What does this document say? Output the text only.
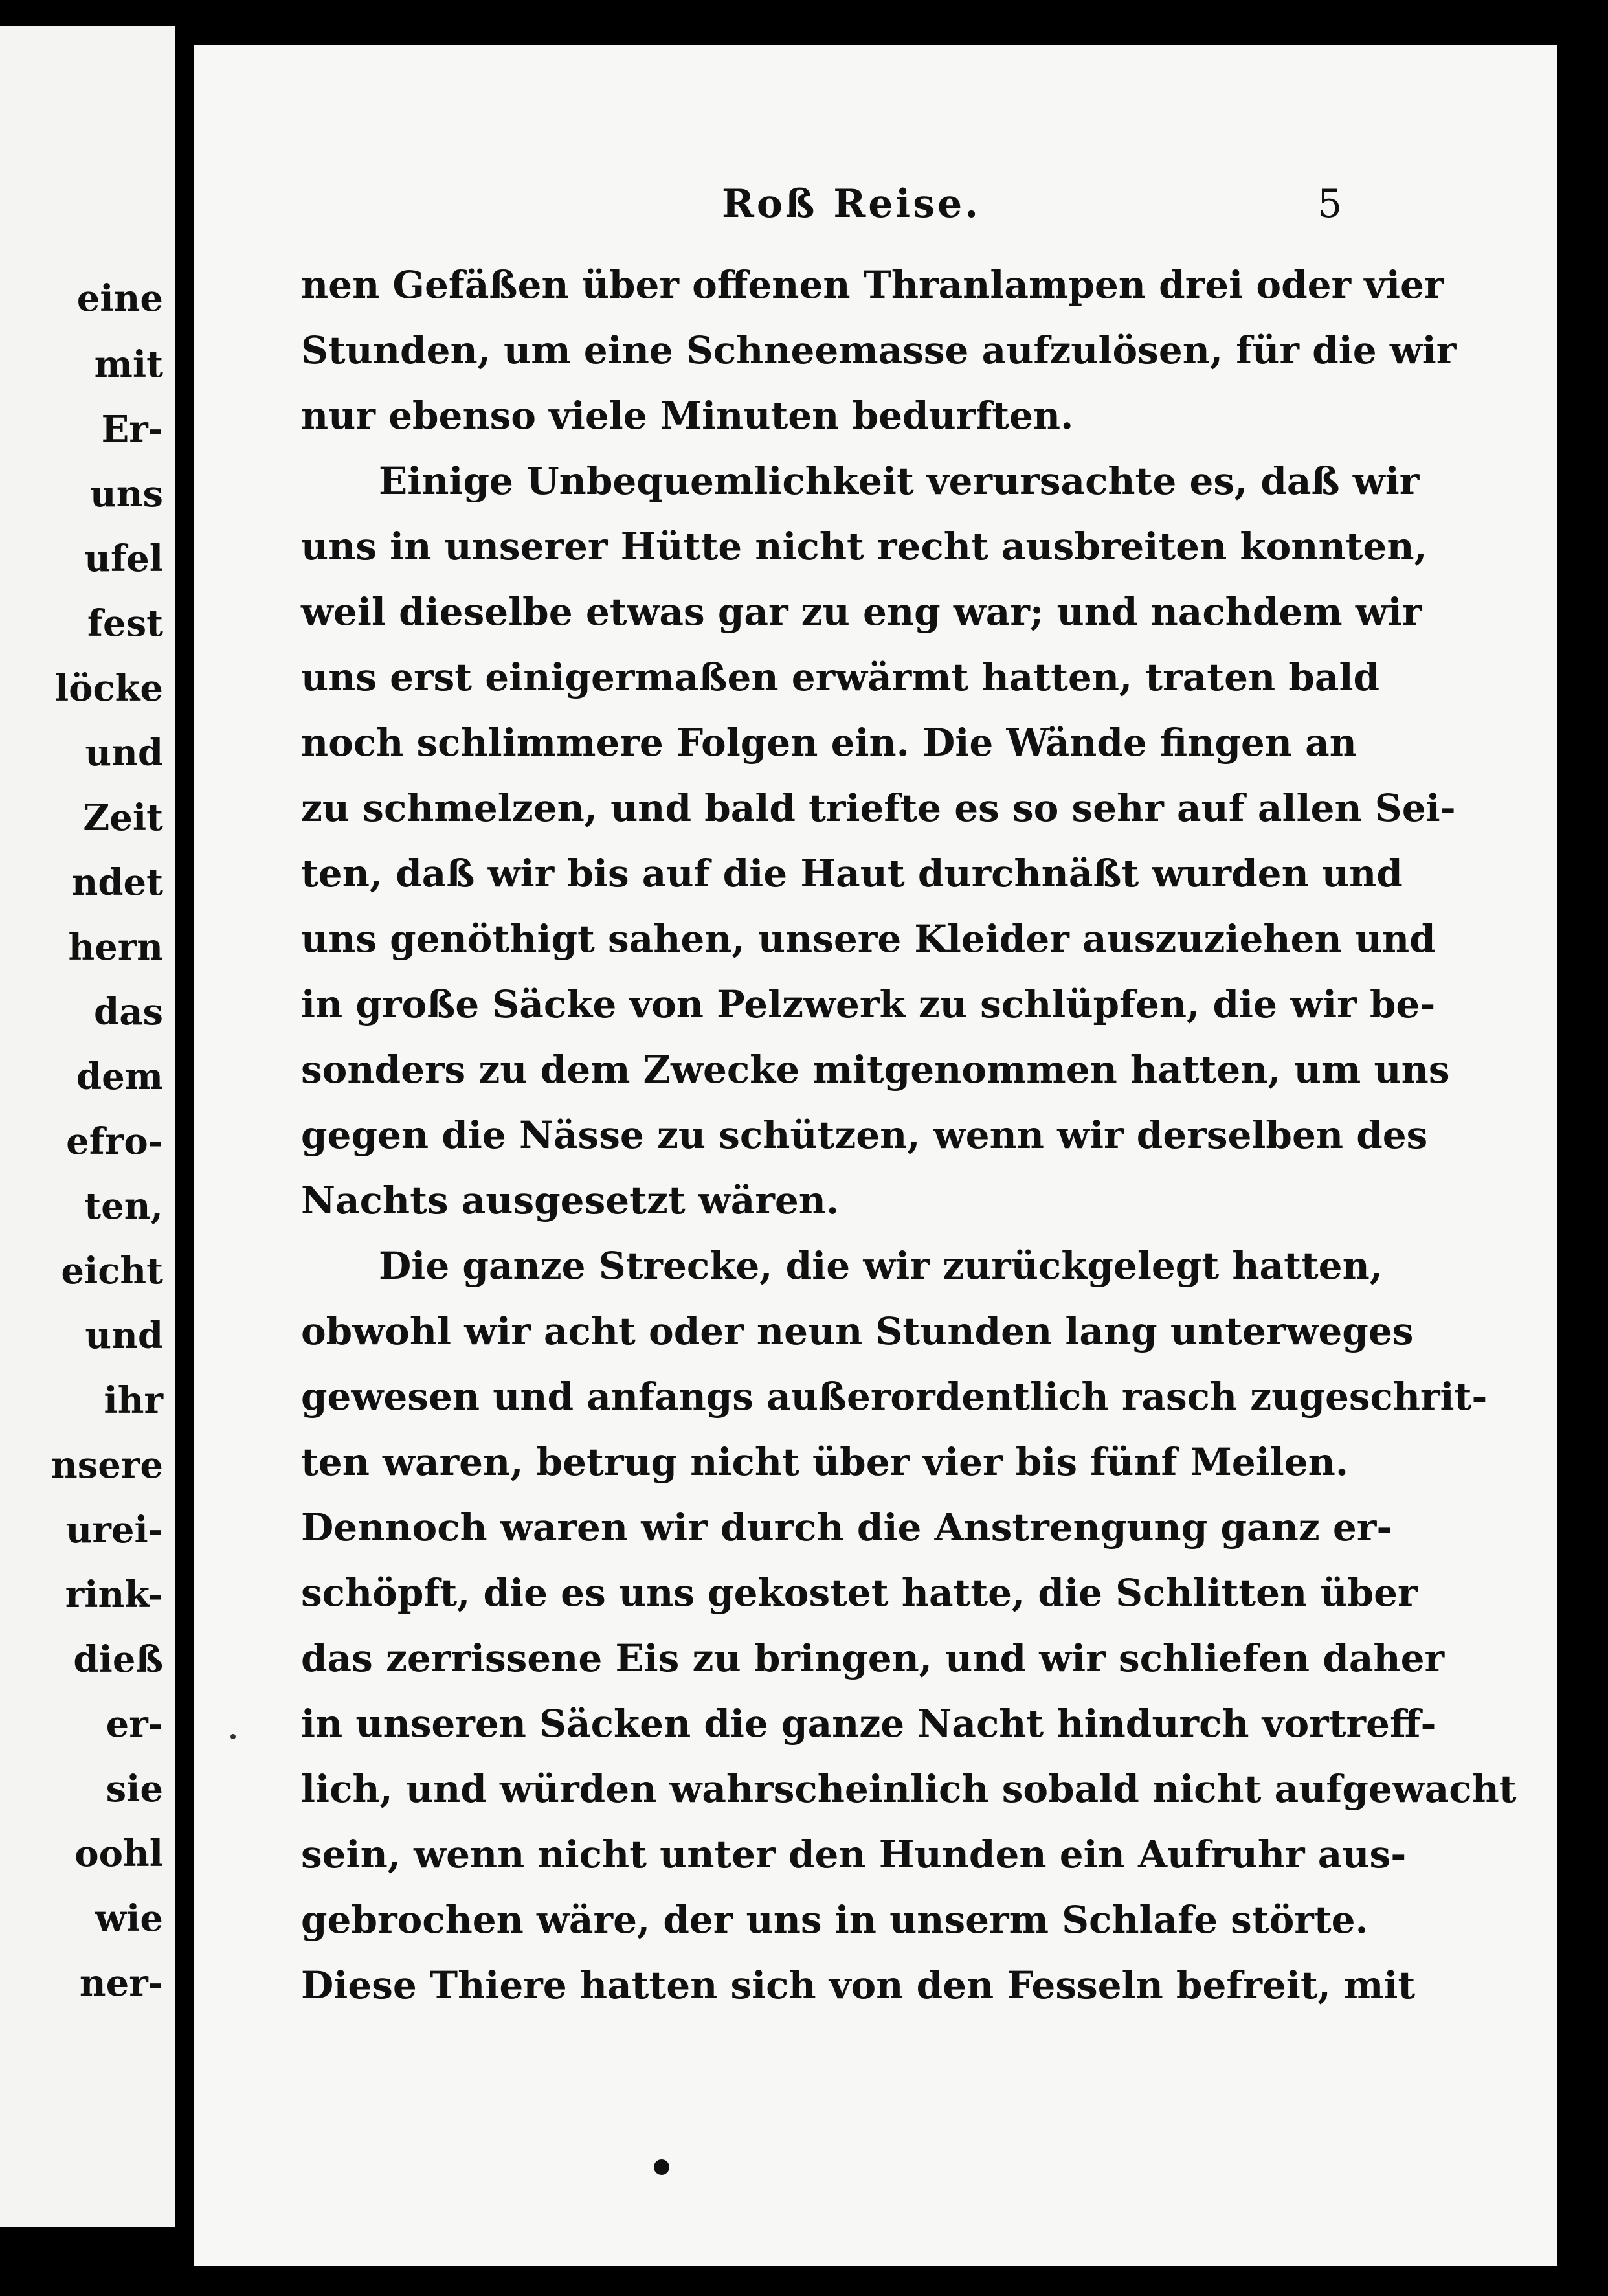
eine
mit
Er-
uns
ufel
fest
löcke
und
Zeit
ndet
hern
das
dem
efro-
ten,
eicht
und
ihr
nsere
urei-
rink-
dieß
er-
sie
oohl
wie
ner-
Roß Reise.	5
nen Gefäßen über offenen Thranlampen drei oder vier
Stunden, um eine Schneemasse aufzulösen, für die wir
nur ebenso viele Minuten bedurften.
Einige Unbequemlichkeit verursachte es, daß wir
uns in unserer Hütte nicht recht ausbreiten konnten,
weil dieselbe etwas gar zu eng war; und nachdem wir
uns erst einigermaßen erwärmt hatten, traten bald
noch schlimmere Folgen ein. Die Wände fingen an
zu schmelzen, und bald triefte es so sehr auf allen Sei-
ten, daß wir bis auf die Haut durchnäßt wurden und
uns genöthigt sahen, unsere Kleider auszuziehen und
in große Säcke von Pelzwerk zu schlüpfen, die wir be-
sonders zu dem Zwecke mitgenommen hatten, um uns
gegen die Nässe zu schützen, wenn wir derselben des
Nachts ausgesetzt wären.
Die ganze Strecke, die wir zurückgelegt hatten,
obwohl wir acht oder neun Stunden lang unterweges
gewesen und anfangs außerordentlich rasch zugeschrit-
ten waren, betrug nicht über vier bis fünf Meilen.
Dennoch waren wir durch die Anstrengung ganz er-
schöpft, die es uns gekostet hatte, die Schlitten über
das zerrissene Eis zu bringen, und wir schliefen daher
in unseren Säcken die ganze Nacht hindurch vortreff-
lich, und würden wahrscheinlich sobald nicht aufgewacht
sein, wenn nicht unter den Hunden ein Aufruhr aus-
gebrochen wäre, der uns in unserm Schlafe störte.
Diese Thiere hatten sich von den Fesseln befreit, mit
